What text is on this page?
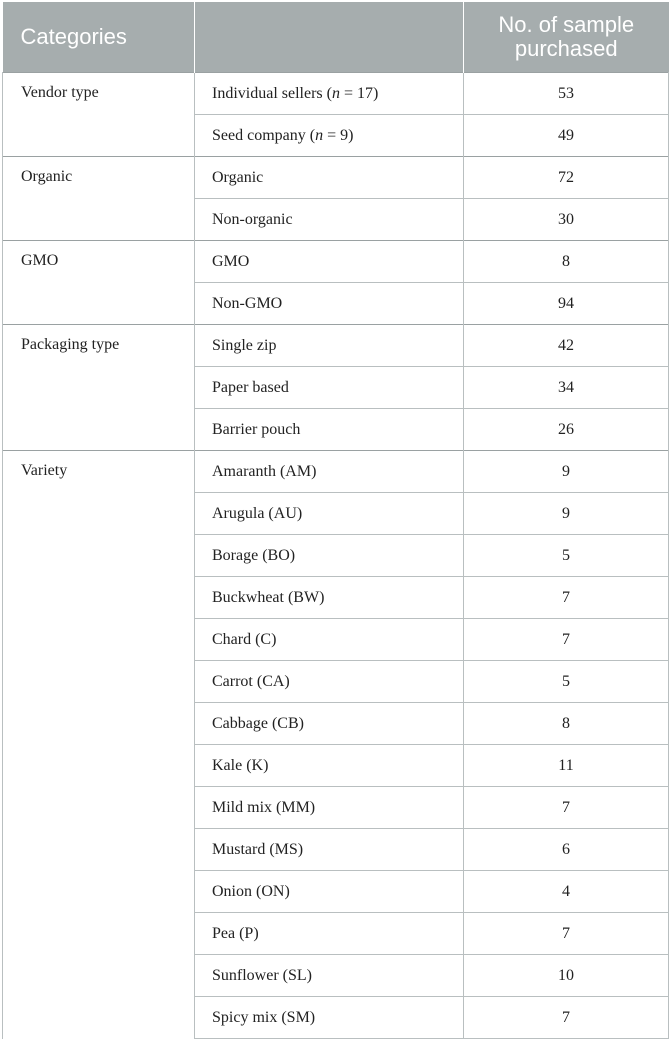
Categories		No. of sample purchased
Vendor type	Individual sellers (n = 17)	53
	Seed company (n = 9)	49
Organic	Organic	72
	Non-organic	30
GMO	GMO	8
	Non-GMO	94
Packaging type	Single zip	42
	Paper based	34
	Barrier pouch	26
Variety	Amaranth (AM)	9
	Arugula (AU)	9
	Borage (BO)	5
	Buckwheat (BW)	7
	Chard (C)	7
	Carrot (CA)	5
	Cabbage (CB)	8
	Kale (K)	11
	Mild mix (MM)	7
	Mustard (MS)	6
	Onion (ON)	4
	Pea (P)	7
	Sunflower (SL)	10
	Spicy mix (SM)	7
